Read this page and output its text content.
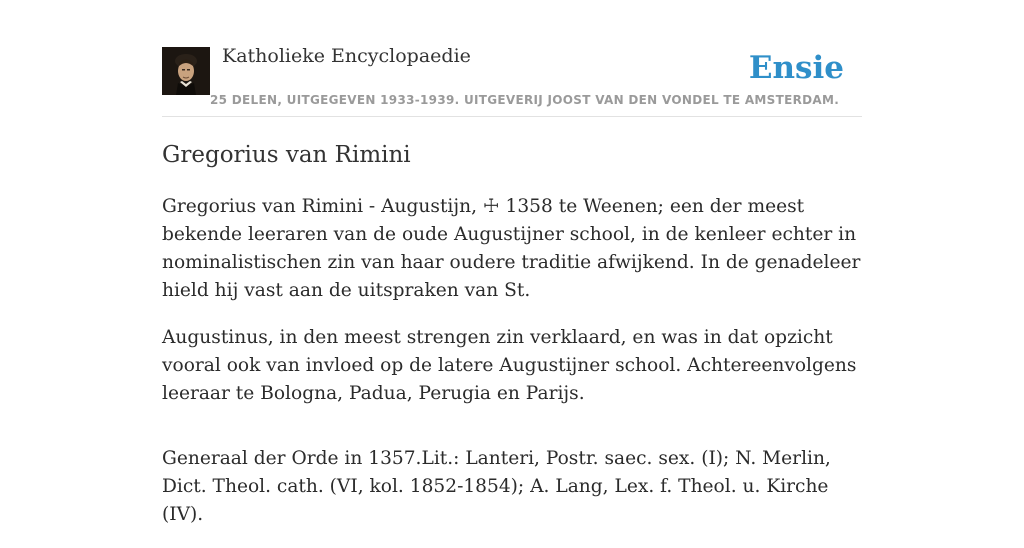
Katholieke Encyclopaedie	Ensie
25 DELEN, UITGEGEVEN 1933-1939. UITGEVERIJ JOOST VAN DEN VONDEL TE AMSTERDAM.
Gregorius van Rimini

Gregorius van Rimini - Augustijn, ☩ 1358 te Weenen; een der meest bekende leeraren van de oude Augustijner school, in de kenleer echter in nominalistischen zin van haar oudere traditie afwijkend. In de genadeleer hield hij vast aan de uitspraken van St.

Augustinus, in den meest strengen zin verklaard, en was in dat opzicht vooral ook van invloed op de latere Augustijner school. Achtereenvolgens leeraar te Bologna, Padua, Perugia en Parijs.

Generaal der Orde in 1357.Lit.: Lanteri, Postr. saec. sex. (I); N. Merlin, Dict. Theol. cath. (VI, kol. 1852-1854); A. Lang, Lex. f. Theol. u. Kirche (IV).
